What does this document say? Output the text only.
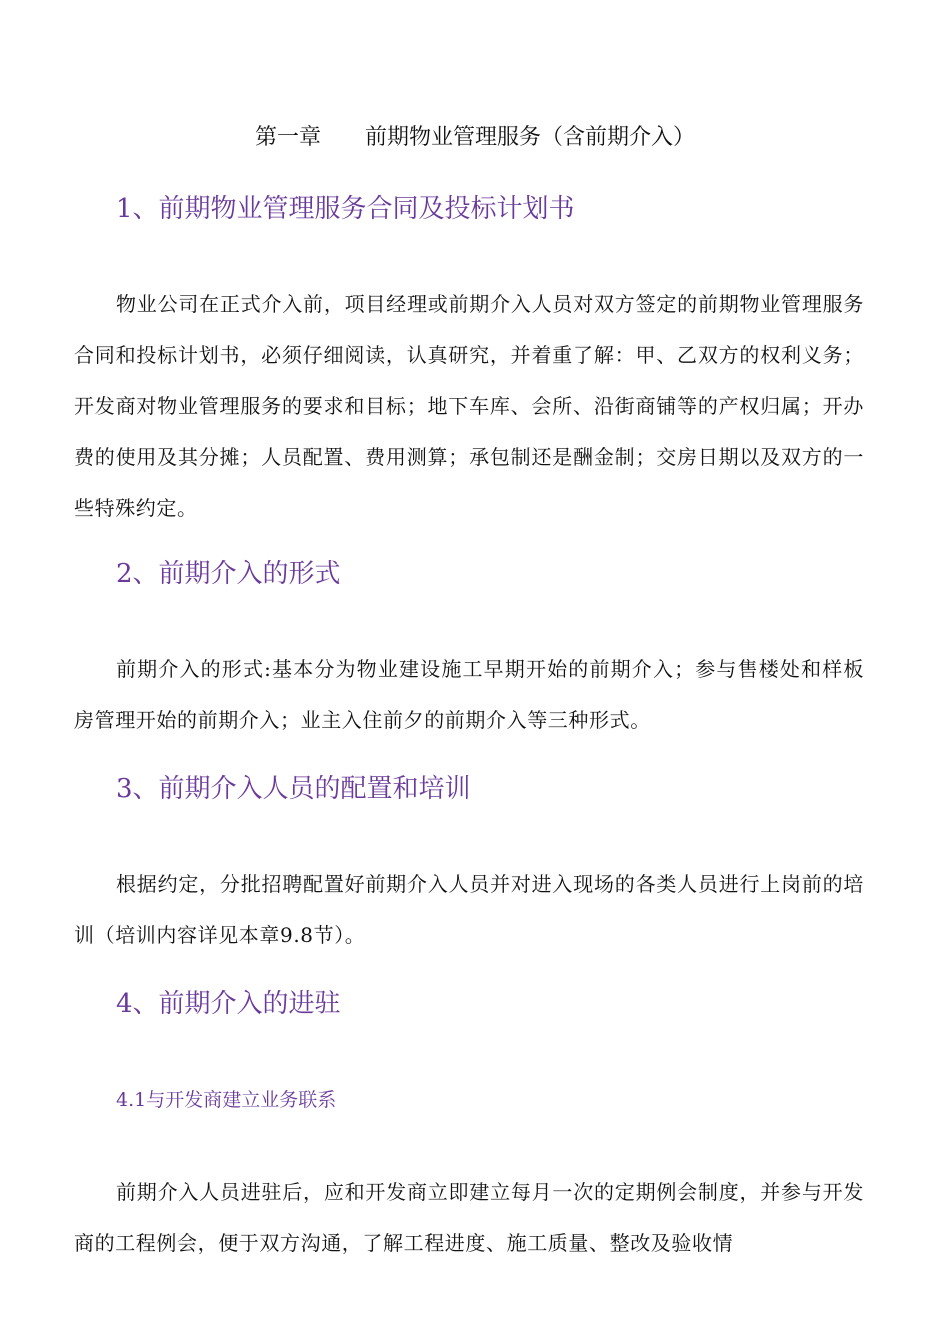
第一章　　前期物业管理服务（含前期介入）
1、前期物业管理服务合同及投标计划书
物业公司在正式介入前，项目经理或前期介入人员对双方签定的前期物业管理服务合同和投标计划书，必须仔细阅读，认真研究，并着重了解：甲、乙双方的权利义务；开发商对物业管理服务的要求和目标；地下车库、会所、沿街商铺等的产权归属；开办费的使用及其分摊；人员配置、费用测算；承包制还是酬金制；交房日期以及双方的一些特殊约定。
2、前期介入的形式
前期介入的形式:基本分为物业建设施工早期开始的前期介入；参与售楼处和样板房管理开始的前期介入；业主入住前夕的前期介入等三种形式。
3、前期介入人员的配置和培训
根据约定，分批招聘配置好前期介入人员并对进入现场的各类人员进行上岗前的培训（培训内容详见本章9.8节）。
4、前期介入的进驻
4.1与开发商建立业务联系
前期介入人员进驻后，应和开发商立即建立每月一次的定期例会制度，并参与开发商的工程例会，便于双方沟通，了解工程进度、施工质量、整改及验收情
